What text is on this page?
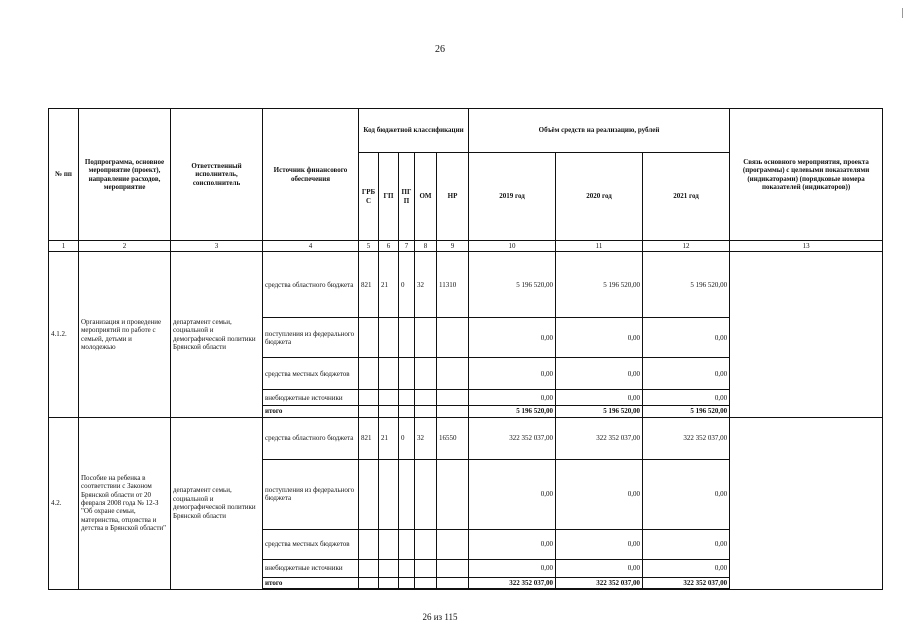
26
№ пп	Подпрограмма, основное мероприятие (проект), направление расходов, мероприятие	Ответственный исполнитель, соисполнитель	Источник финансового обеспечения	Код бюджетной классификации					Объём средств на реализацию, рублей			Связь основного мероприятия, проекта (программы) с целевыми показателями (индикаторами) (порядковые номера показателей (индикаторов))
				ГРБ С	ГП	ПГ П	ОМ	НР	2019 год	2020 год	2021 год	
1	2	3	4	5	6	7	8	9	10	11	12	13
4.1.2.	Организация и проведение мероприятий по работе с семьей, детьми и молодежью	департамент семьи, социальной и демографической политики Брянской области	средства областного бюджета	821	21	0	32	11310	5 196 520,00	5 196 520,00	5 196 520,00	
			поступления из федерального бюджета						0,00	0,00	0,00	
			средства местных бюджетов						0,00	0,00	0,00	
			внебюджетные источники						0,00	0,00	0,00	
			итого						5 196 520,00	5 196 520,00	5 196 520,00	
4.2.	Пособие на ребенка в соответствии с Законом Брянской области от 20 февраля 2008 года № 12-З "Об охране семьи, материнства, отцовства и детства в Брянской области"	департамент семьи, социальной и демографической политики Брянской области	средства областного бюджета	821	21	0	32	16550	322 352 037,00	322 352 037,00	322 352 037,00	
			поступления из федерального бюджета						0,00	0,00	0,00	
			средства местных бюджетов						0,00	0,00	0,00	
			внебюджетные источники						0,00	0,00	0,00	
			итого						322 352 037,00	322 352 037,00	322 352 037,00	
26 из 115
